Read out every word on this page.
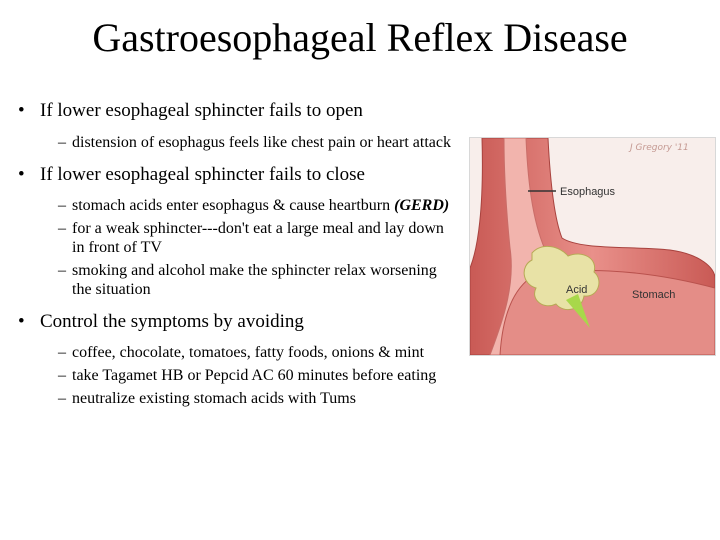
Gastroesophageal Reflex Disease
• If lower esophageal sphincter fails to open
– distension of esophagus feels like chest pain or heart attack
• If lower esophageal sphincter fails to close
– stomach acids enter esophagus & cause heartburn (GERD)
– for a weak sphincter---don't eat a large meal and lay down in front of TV
– smoking and alcohol make the sphincter relax worsening the situation
• Control the symptoms by avoiding
– coffee, chocolate, tomatoes, fatty foods, onions & mint
– take Tagamet HB or Pepcid AC 60 minutes before eating
– neutralize existing stomach acids with Tums
Esophagus
Acid	Stomach
J Gregory '11
